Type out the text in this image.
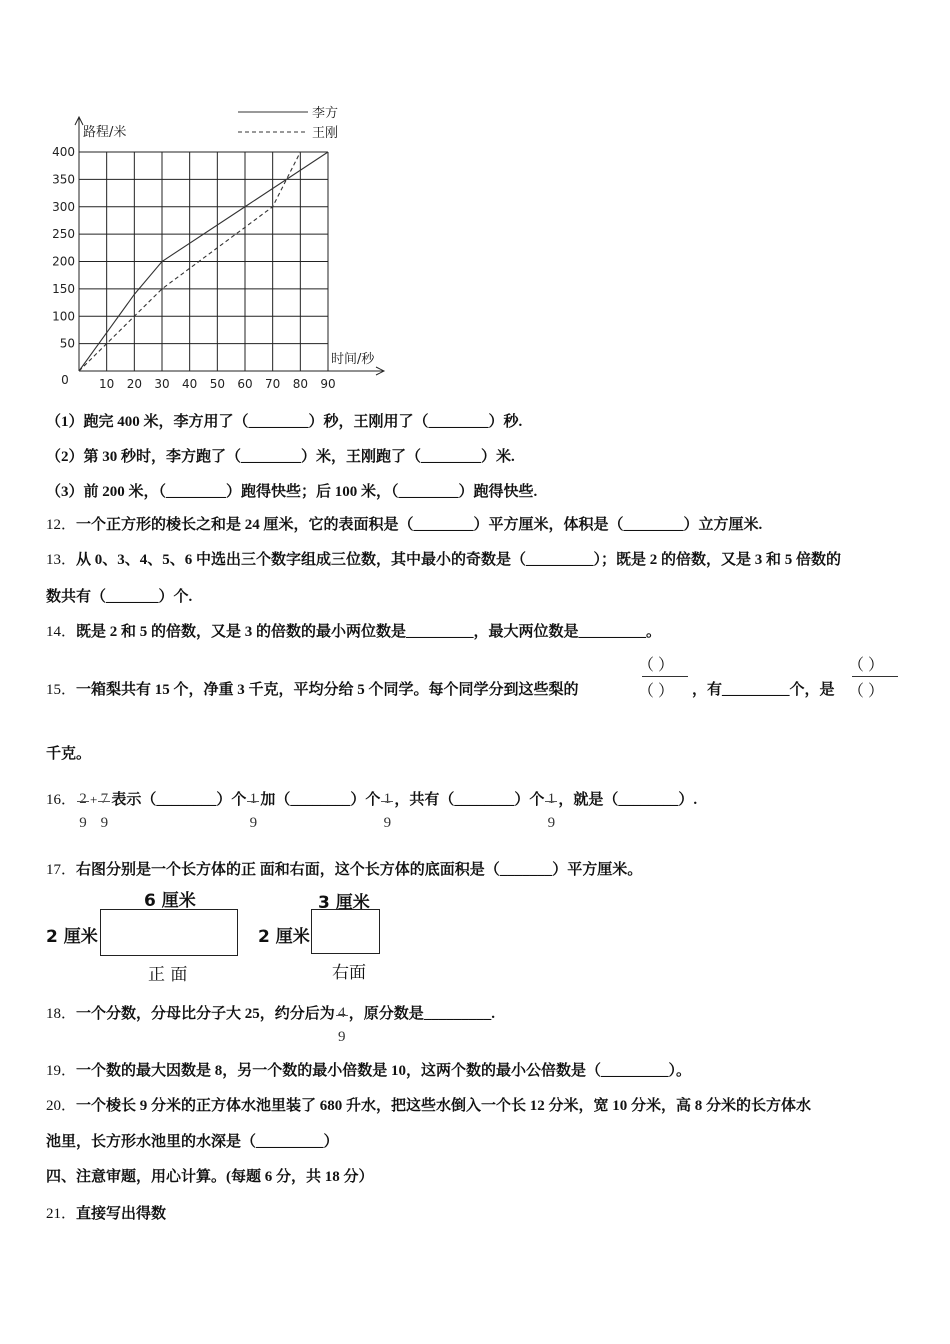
10 20 30 40 50 60 70 80 90
50
100
150
200
250
300
350
400
0
路程/米
时间/秒
李方
王刚
（1）跑完 400 米，李方用了（________）秒，王刚用了（________）秒.
（2）第 30 秒时，李方跑了（________）米，王刚跑了（________）米.
（3）前 200 米，（________）跑得快些；后 100 米，（________）跑得快些.
12．一个正方形的棱长之和是 24 厘米，它的表面积是（________）平方厘米，体积是（________）立方厘米.
13．从 0、3、4、5、6 中选出三个数字组成三位数，其中最小的奇数是（_________）；既是 2 的倍数，又是 3 和 5 倍数的
数共有（_______）个.
14．既是 2 和 5 的倍数，又是 3 的倍数的最小两位数是_________，最大两位数是_________。
15．一箱梨共有 15 个，净重 3 千克，平均分给 5 个同学。每个同学分到这些梨的
（ ）
（ ）	，有_________个，是
（ ）
（ ）
千克。
16． 2
9
+ 7
9
表示（________）个 1
9
加（________）个 1
9
，共有（________）个 1
9
，就是（________）.
17．右图分别是一个长方体的正 面和右面，这个长方体的底面积是（_______）平方厘米。
6 厘米
2 厘米
正 面
3 厘米
2 厘米
右面
18．一个分数，分母比分子大 25，约分后为 4
9
，原分数是_________.
19．一个数的最大因数是 8，另一个数的最小倍数是 10，这两个数的最小公倍数是（_________）。
20．一个棱长 9 分米的正方体水池里装了 680 升水，把这些水倒入一个长 12 分米，宽 10 分米，高 8 分米的长方体水
池里，长方形水池里的水深是（_________）
四、注意审题，用心计算。(每题 6 分，共 18 分）
21．直接写出得数
